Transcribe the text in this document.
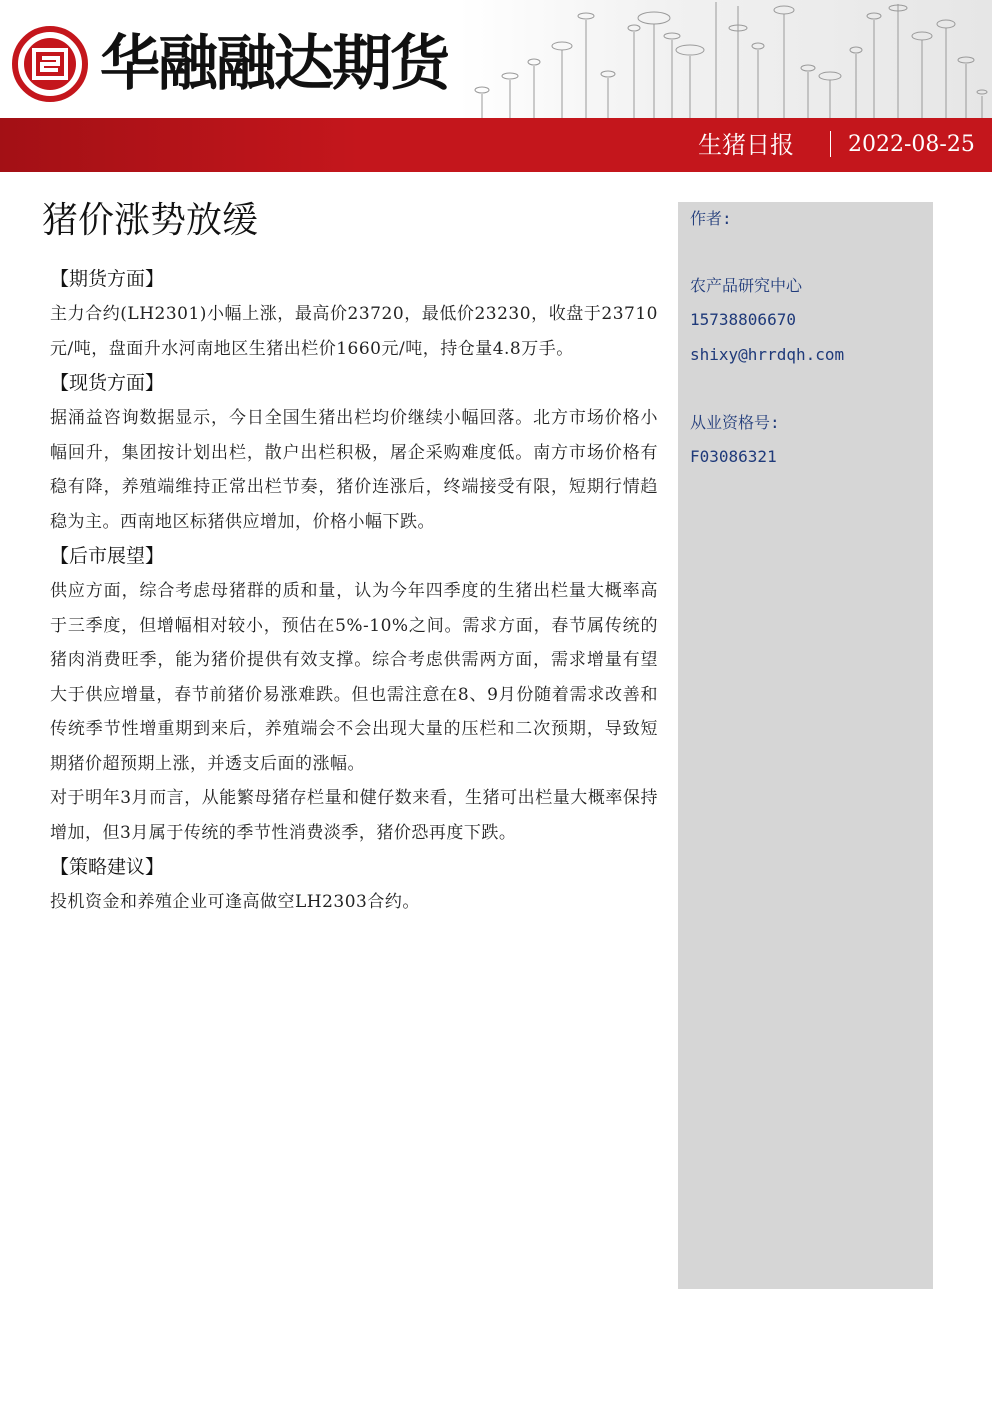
华融融达期货
生猪日报 2022-08-25
猪价涨势放缓
【期货方面】
主力合约(LH2301)小幅上涨，最高价23720，最低价23230，收盘于23710元/吨，盘面升水河南地区生猪出栏价1660元/吨，持仓量4.8万手。
【现货方面】
据涌益咨询数据显示，今日全国生猪出栏均价继续小幅回落。北方市场价格小幅回升，集团按计划出栏，散户出栏积极，屠企采购难度低。南方市场价格有稳有降，养殖端维持正常出栏节奏，猪价连涨后，终端接受有限，短期行情趋稳为主。西南地区标猪供应增加，价格小幅下跌。
【后市展望】
供应方面，综合考虑母猪群的质和量，认为今年四季度的生猪出栏量大概率高于三季度，但增幅相对较小，预估在5%-10%之间。需求方面，春节属传统的猪肉消费旺季，能为猪价提供有效支撑。综合考虑供需两方面，需求增量有望大于供应增量，春节前猪价易涨难跌。但也需注意在8、9月份随着需求改善和传统季节性增重期到来后，养殖端会不会出现大量的压栏和二次预期，导致短期猪价超预期上涨，并透支后面的涨幅。
对于明年3月而言，从能繁母猪存栏量和健仔数来看，生猪可出栏量大概率保持增加，但3月属于传统的季节性消费淡季，猪价恐再度下跌。
【策略建议】
投机资金和养殖企业可逢高做空LH2303合约。
作者:
农产品研究中心
15738806670
shixy@hrrdqh.com
从业资格号:
F03086321
